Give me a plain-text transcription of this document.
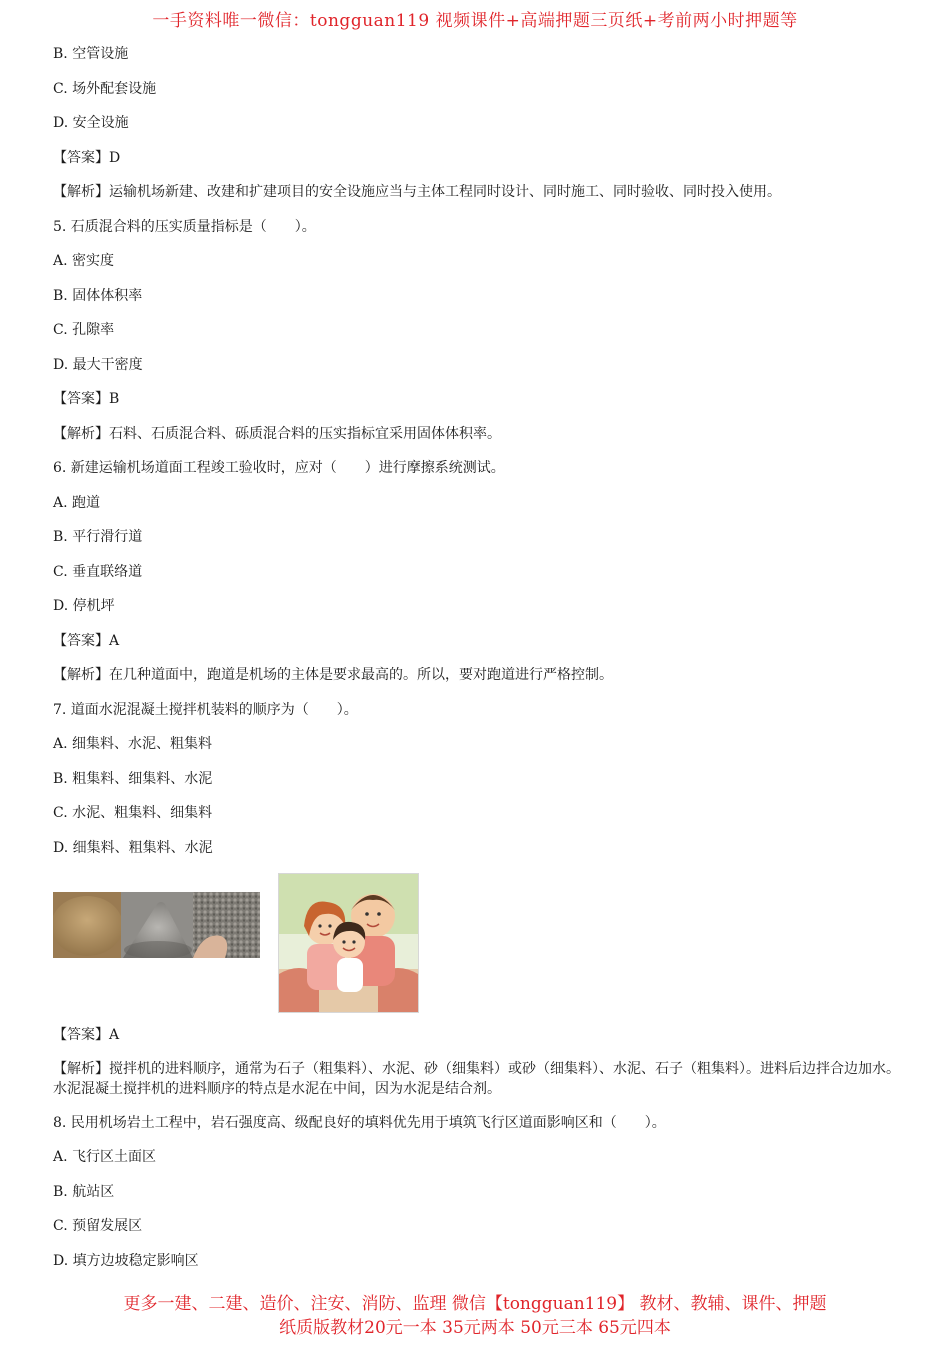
一手资料唯一微信：tongguan119 视频课件+高端押题三页纸+考前两小时押题等
B. 空管设施
C. 场外配套设施
D. 安全设施
【答案】D
【解析】运输机场新建、改建和扩建项目的安全设施应当与主体工程同时设计、同时施工、同时验收、同时投入使用。
5. 石质混合料的压实质量指标是（　　）。
A. 密实度
B. 固体体积率
C. 孔隙率
D. 最大干密度
【答案】B
【解析】石料、石质混合料、砾质混合料的压实指标宜采用固体体积率。
6. 新建运输机场道面工程竣工验收时，应对（　　）进行摩擦系统测试。
A. 跑道
B. 平行滑行道
C. 垂直联络道
D. 停机坪
【答案】A
【解析】在几种道面中，跑道是机场的主体是要求最高的。所以，要对跑道进行严格控制。
7. 道面水泥混凝土搅拌机装料的顺序为（　　）。
A. 细集料、水泥、粗集料
B. 粗集料、细集料、水泥
C. 水泥、粗集料、细集料
D. 细集料、粗集料、水泥
【答案】A
【解析】搅拌机的进料顺序，通常为石子（粗集料）、水泥、砂（细集料）或砂（细集料）、水泥、石子（粗集料）。进料后边拌合边加水。水泥混凝土搅拌机的进料顺序的特点是水泥在中间，因为水泥是结合剂。
8. 民用机场岩土工程中，岩石强度高、级配良好的填料优先用于填筑飞行区道面影响区和（　　）。
A. 飞行区土面区
B. 航站区
C. 预留发展区
D. 填方边坡稳定影响区
更多一建、二建、造价、注安、消防、监理 微信【tongguan119】 教材、教辅、课件、押题
纸质版教材20元一本 35元两本 50元三本 65元四本
